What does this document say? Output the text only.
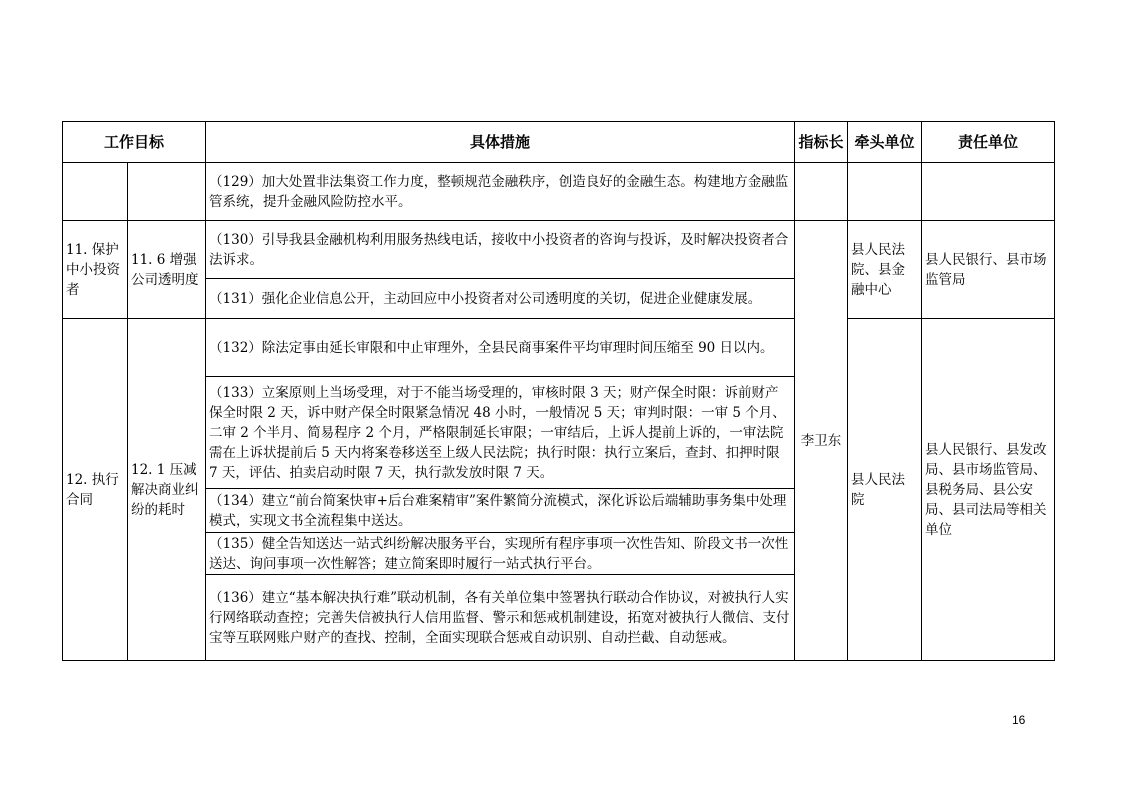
工作目标		具体措施	指标长	牵头单位	责任单位
		（129）加大处置非法集资工作力度，整顿规范金融秩序，创造良好的金融生态。构建地方金融监管系统，提升金融风险防控水平。			
11. 保护中小投资者	11. 6 增强公司透明度	（130）引导我县金融机构利用服务热线电话，接收中小投资者的咨询与投诉，及时解决投资者合法诉求。	李卫东	县人民法院、县金融中心	县人民银行、县市场监管局
		（131）强化企业信息公开，主动回应中小投资者对公司透明度的关切，促进企业健康发展。			
12. 执行合同	12. 1 压减解决商业纠纷的耗时	（132）除法定事由延长审限和中止审理外，全县民商事案件平均审理时间压缩至 90 日以内。		县人民法院	县人民银行、县发改局、县市场监管局、县税务局、县公安局、县司法局等相关单位
		（133）立案原则上当场受理，对于不能当场受理的，审核时限 3 天；财产保全时限：诉前财产保全时限 2 天，诉中财产保全时限紧急情况 48 小时，一般情况 5 天；审判时限：一审 5 个月、二审 2 个半月、简易程序 2 个月，严格限制延长审限；一审结后，上诉人提前上诉的，一审法院需在上诉状提前后 5 天内将案卷移送至上级人民法院；执行时限：执行立案后，查封、扣押时限 7 天，评估、拍卖启动时限 7 天，执行款发放时限 7 天。			
		（134）建立“前台简案快审+后台难案精审”案件繁简分流模式，深化诉讼后端辅助事务集中处理模式，实现文书全流程集中送达。			
		（135）健全告知送达一站式纠纷解决服务平台，实现所有程序事项一次性告知、阶段文书一次性送达、询问事项一次性解答；建立简案即时履行一站式执行平台。			
		（136）建立“基本解决执行难”联动机制，各有关单位集中签署执行联动合作协议，对被执行人实行网络联动查控；完善失信被执行人信用监督、警示和惩戒机制建设，拓宽对被执行人微信、支付宝等互联网账户财产的查找、控制，全面实现联合惩戒自动识别、自动拦截、自动惩戒。			
16
